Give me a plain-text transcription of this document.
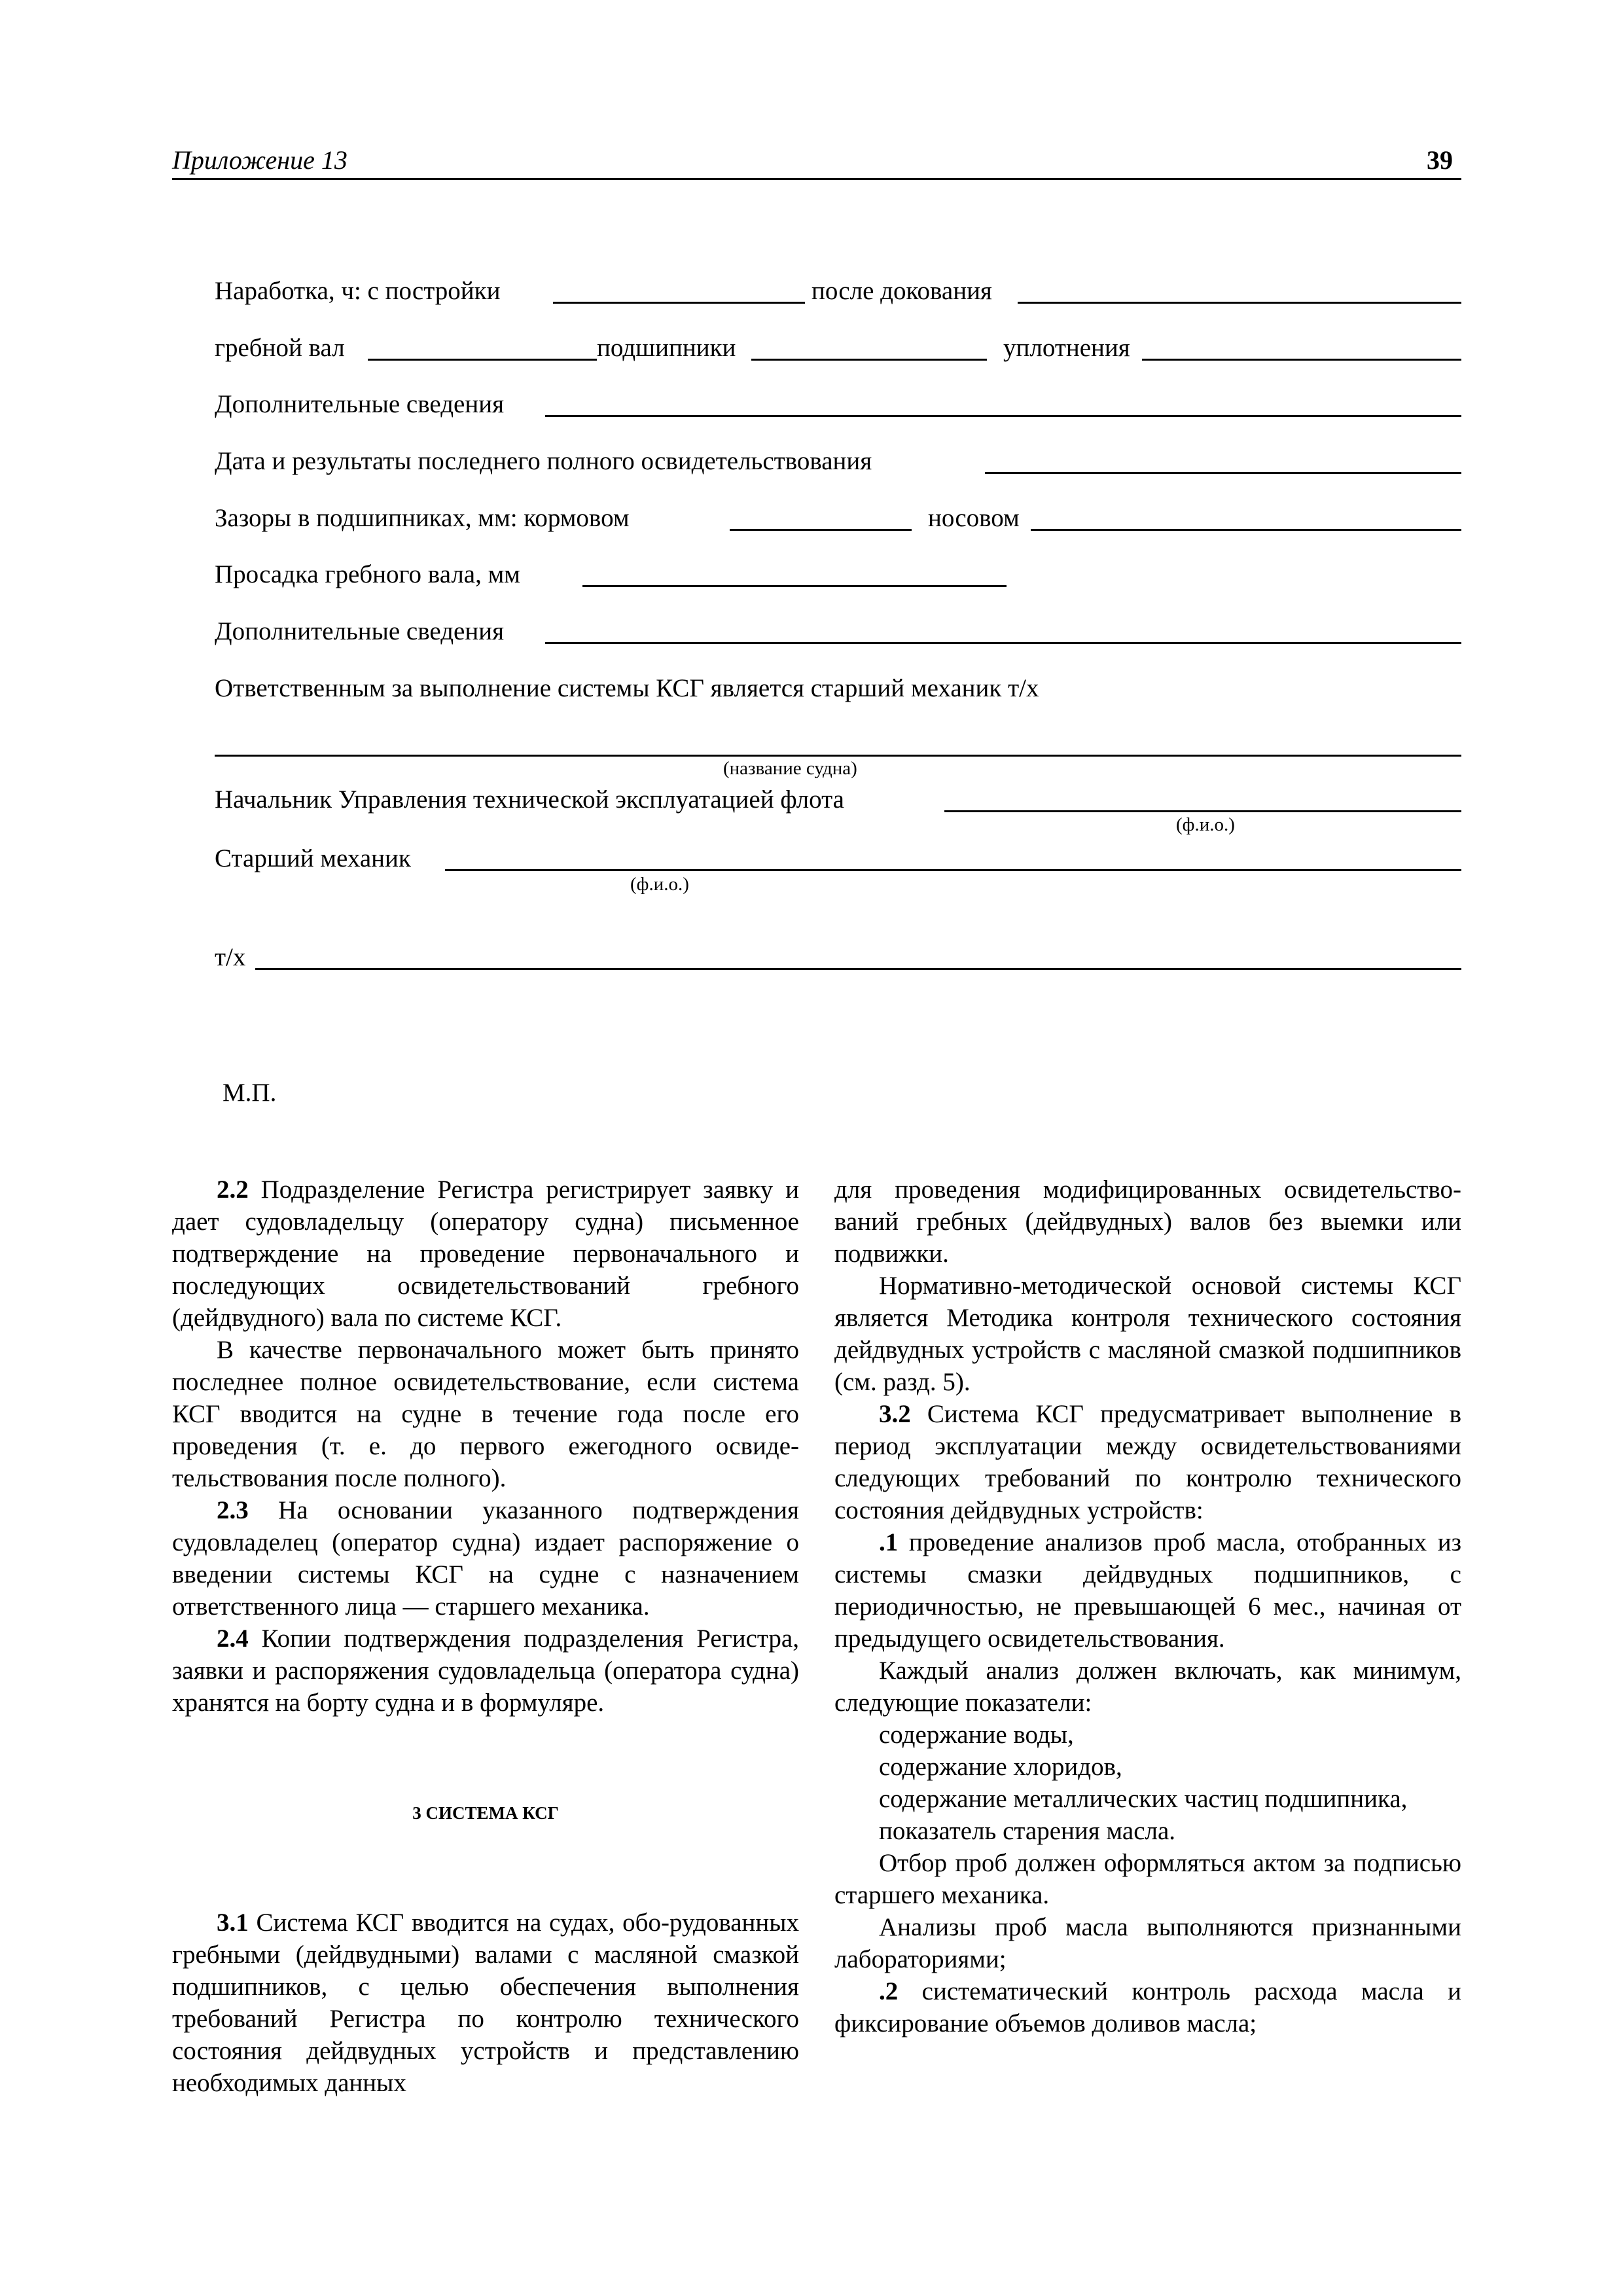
Приложение 13	39
Наработка, ч: с постройки	после докования
гребной вал	подшипники	уплотнения
Дополнительные сведения
Дата и результаты последнего полного освидетельствования
Зазоры в подшипниках, мм: кормовом	носовом
Просадка гребного вала, мм
Дополнительные сведения
Ответственным за выполнение системы КСГ является старший механик т/х
(название судна)
Начальник Управления технической эксплуатацией флота
(ф.и.о.)
Старший механик
(ф.и.о.)
т/х
М.П.

2.2 Подразделение Регистра регистрирует заявку и дает судовладельцу (оператору судна) письменное подтверждение на проведение первоначального и последующих освидетельствований гребного (дейдвудного) вала по системе КСГ.

В качестве первоначального может быть принято последнее полное освидетельствование, если система КСГ вводится на судне в течение года после его проведения (т. е. до первого ежегодного освиде-тельствования после полного).

2.3 На основании указанного подтверждения судовладелец (оператор судна) издает распоряжение о введении системы КСГ на судне с назначением ответственного лица — старшего механика.

2.4 Копии подтверждения подразделения Регистра, заявки и распоряжения судовладельца (оператора судна) хранятся на борту судна и в формуляре.

3 СИСТЕМА КСГ

3.1 Система КСГ вводится на судах, обо-рудованных гребными (дейдвудными) валами с масляной смазкой подшипников, с целью обеспечения выполнения требований Регистра по контролю технического состояния дейдвудных устройств и представлению необходимых данных

для проведения модифицированных освидетельство-ваний гребных (дейдвудных) валов без выемки или подвижки.

Нормативно-методической основой системы КСГ является Методика контроля технического состояния дейдвудных устройств с масляной смазкой подшипников (см. разд. 5).

3.2 Система КСГ предусматривает выполнение в период эксплуатации между освидетельствованиями следующих требований по контролю технического состояния дейдвудных устройств:

.1 проведение анализов проб масла, отобранных из системы смазки дейдвудных подшипников, с периодичностью, не превышающей 6 мес., начиная от предыдущего освидетельствования.

Каждый анализ должен включать, как минимум, следующие показатели:

содержание воды,

содержание хлоридов,

содержание металлических частиц подшипника,

показатель старения масла.

Отбор проб должен оформляться актом за подписью старшего механика.

Анализы проб масла выполняются признанными лабораториями;

.2 систематический контроль расхода масла и фиксирование объемов доливов масла;
